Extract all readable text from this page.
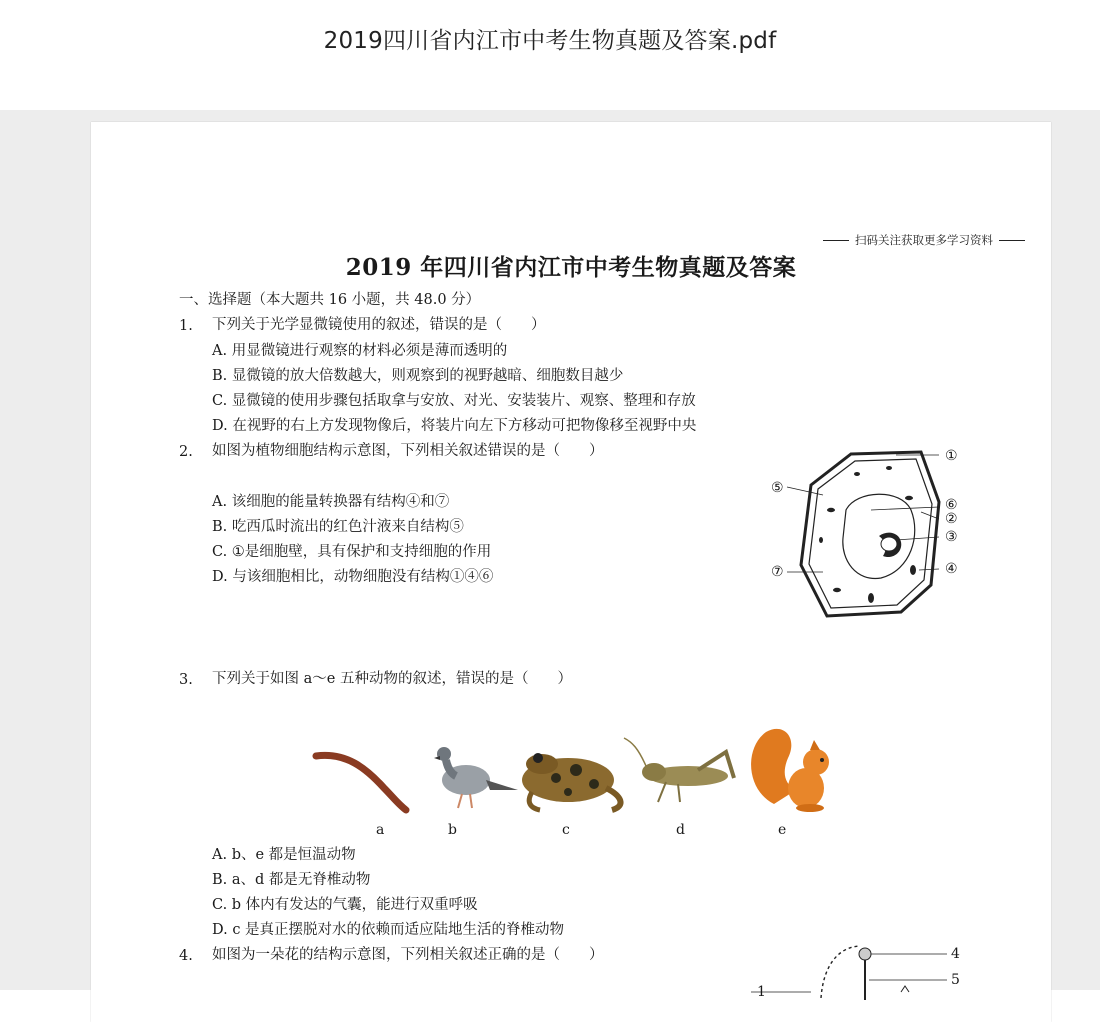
2019四川省内江市中考生物真题及答案.pdf
扫码关注获取更多学习资料
2019 年四川省内江市中考生物真题及答案
一、选择题（本大题共 16 小题，共 48.0 分）
1. 下列关于光学显微镜使用的叙述，错误的是（　　）
A. 用显微镜进行观察的材料必须是薄而透明的
B. 显微镜的放大倍数越大，则观察到的视野越暗、细胞数目越少
C. 显微镜的使用步骤包括取拿与安放、对光、安装装片、观察、整理和存放
D. 在视野的右上方发现物像后，将装片向左下方移动可把物像移至视野中央
2. 如图为植物细胞结构示意图，下列相关叙述错误的是（　　）
A. 该细胞的能量转换器有结构④和⑦
B. 吃西瓜时流出的红色汁液来自结构⑤
C. ①是细胞壁，具有保护和支持细胞的作用
D. 与该细胞相比，动物细胞没有结构①④⑥
①
②
③
④
⑤
⑥
⑦
3. 下列关于如图 a～e 五种动物的叙述，错误的是（　　）
a	b	c	d	e
A. b、e 都是恒温动物
B. a、d 都是无脊椎动物
C. b 体内有发达的气囊，能进行双重呼吸
D. c 是真正摆脱对水的依赖而适应陆地生活的脊椎动物
4. 如图为一朵花的结构示意图，下列相关叙述正确的是（　　）	4
5
1
